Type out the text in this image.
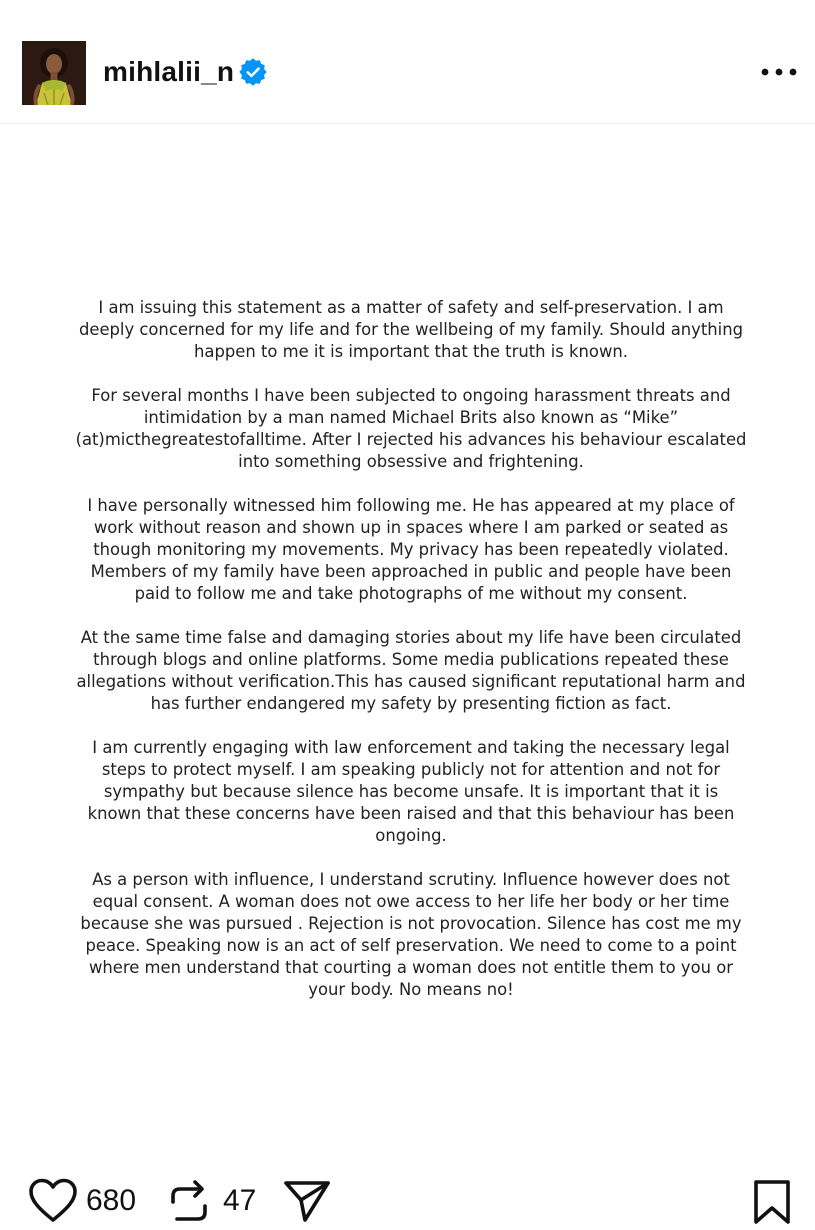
mihlalii_n

I am issuing this statement as a matter of safety and self-preservation. I am deeply concerned for my life and for the wellbeing of my family. Should anything happen to me it is important that the truth is known.

For several months I have been subjected to ongoing harassment threats and intimidation by a man named Michael Brits also known as “Mike” (at)micthegreatestofalltime. After I rejected his advances his behaviour escalated into something obsessive and frightening.

I have personally witnessed him following me. He has appeared at my place of work without reason and shown up in spaces where I am parked or seated as though monitoring my movements. My privacy has been repeatedly violated. Members of my family have been approached in public and people have been paid to follow me and take photographs of me without my consent.

At the same time false and damaging stories about my life have been circulated through blogs and online platforms. Some media publications repeated these allegations without verification.This has caused significant reputational harm and has further endangered my safety by presenting fiction as fact.

I am currently engaging with law enforcement and taking the necessary legal steps to protect myself. I am speaking publicly not for attention and not for sympathy but because silence has become unsafe. It is important that it is known that these concerns have been raised and that this behaviour has been ongoing.

As a person with influence, I understand scrutiny. Influence however does not equal consent. A woman does not owe access to her life her body or her time because she was pursued . Rejection is not provocation. Silence has cost me my peace. Speaking now is an act of self preservation. We need to come to a point where men understand that courting a woman does not entitle them to you or your body. No means no!

680	47
